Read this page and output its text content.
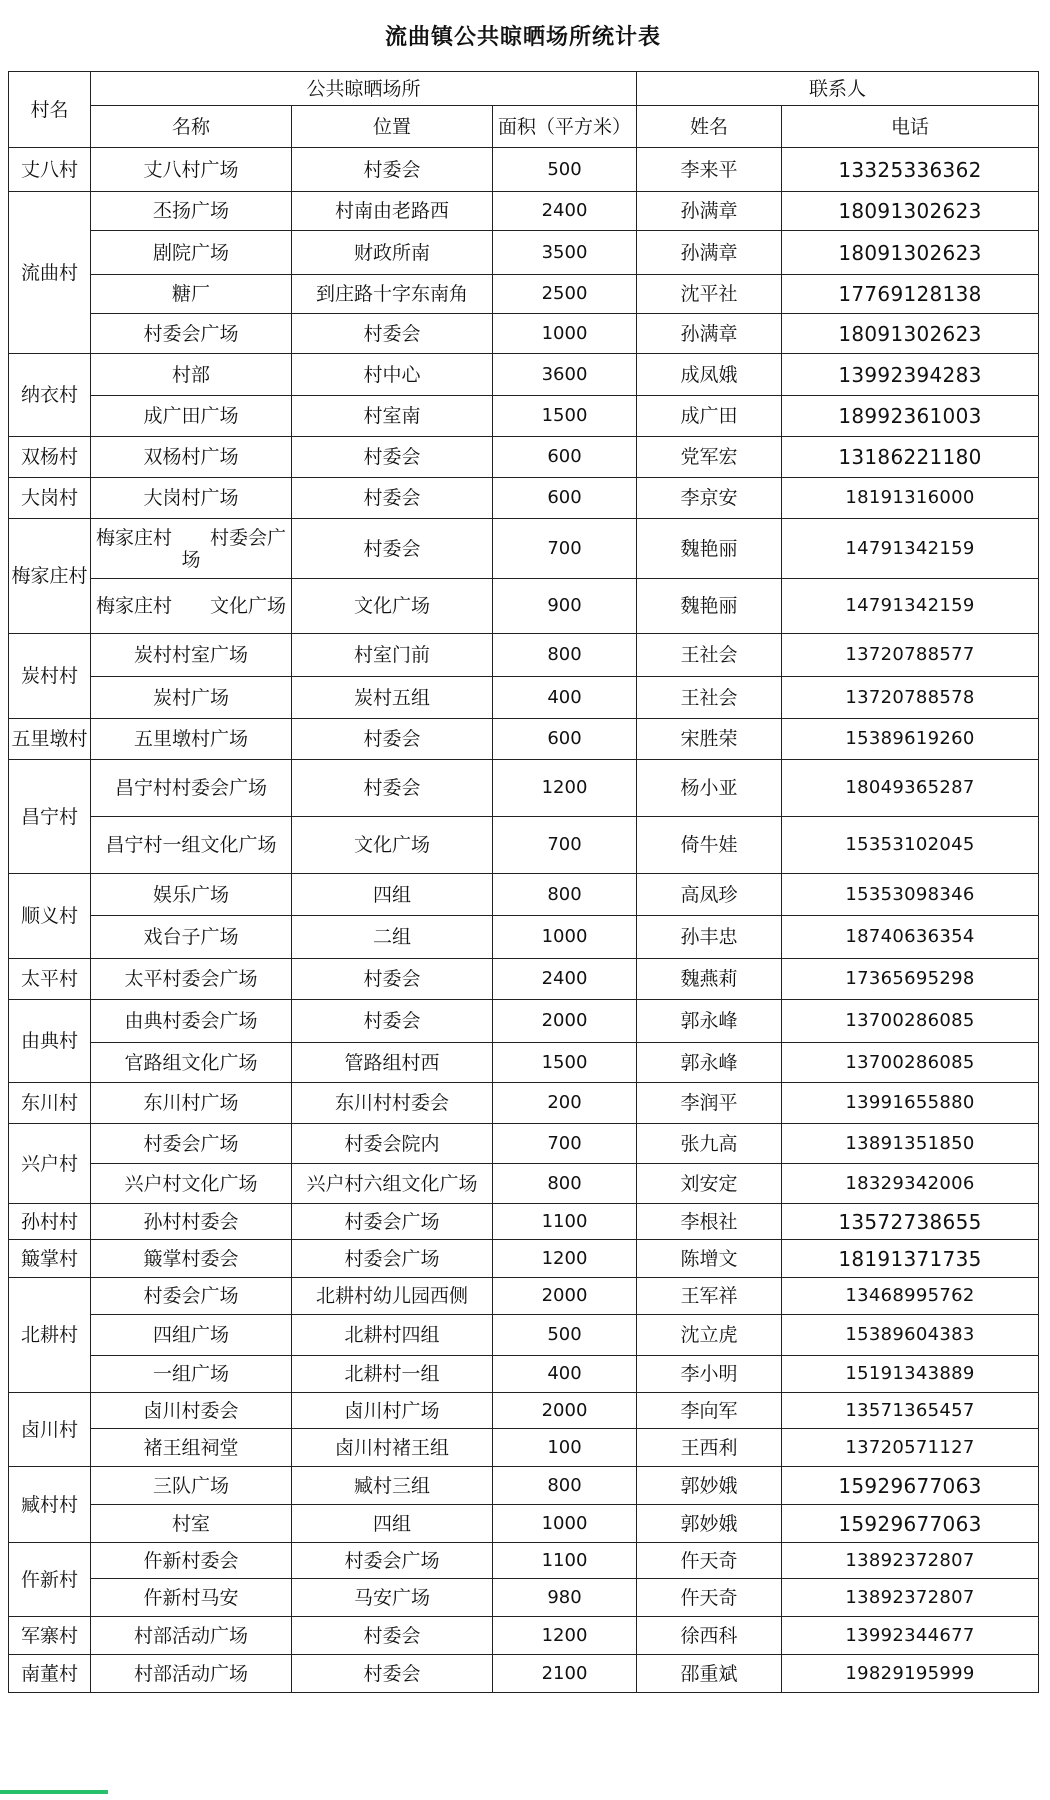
流曲镇公共晾晒场所统计表
村名	公共晾晒场所			联系人	
	名称	位置	面积（平方米）	姓名	电话
丈八村	丈八村广场	村委会	500	李来平	13325336362
流曲村	丕扬广场	村南由老路西	2400	孙满章	18091302623
	剧院广场	财政所南	3500	孙满章	18091302623
	糖厂	到庄路十字东南角	2500	沈平社	17769128138
	村委会广场	村委会	1000	孙满章	18091302623
纳衣村	村部	村中心	3600	成凤娥	13992394283
	成广田广场	村室南	1500	成广田	18992361003
双杨村	双杨村广场	村委会	600	党军宏	13186221180
大岗村	大岗村广场	村委会	600	李京安	18191316000
梅家庄村	梅家庄村　　村委会广场	村委会	700	魏艳丽	14791342159
	梅家庄村　　文化广场	文化广场	900	魏艳丽	14791342159
炭村村	炭村村室广场	村室门前	800	王社会	13720788577
	炭村广场	炭村五组	400	王社会	13720788578
五里墩村	五里墩村广场	村委会	600	宋胜荣	15389619260
昌宁村	昌宁村村委会广场	村委会	1200	杨小亚	18049365287
	昌宁村一组文化广场	文化广场	700	倚牛娃	15353102045
顺义村	娱乐广场	四组	800	高凤珍	15353098346
	戏台子广场	二组	1000	孙丰忠	18740636354
太平村	太平村委会广场	村委会	2400	魏燕莉	17365695298
由典村	由典村委会广场	村委会	2000	郭永峰	13700286085
	官路组文化广场	管路组村西	1500	郭永峰	13700286085
东川村	东川村广场	东川村村委会	200	李润平	13991655880
兴户村	村委会广场	村委会院内	700	张九高	13891351850
	兴户村文化广场	兴户村六组文化广场	800	刘安定	18329342006
孙村村	孙村村委会	村委会广场	1100	李根社	13572738655
簸掌村	簸掌村委会	村委会广场	1200	陈增文	18191371735
北耕村	村委会广场	北耕村幼儿园西侧	2000	王军祥	13468995762
	四组广场	北耕村四组	500	沈立虎	15389604383
	一组广场	北耕村一组	400	李小明	15191343889
卤川村	卤川村委会	卤川村广场	2000	李向军	13571365457
	褚王组祠堂	卤川村褚王组	100	王西利	13720571127
臧村村	三队广场	臧村三组	800	郭妙娥	15929677063
	村室	四组	1000	郭妙娥	15929677063
仵新村	仵新村委会	村委会广场	1100	仵天奇	13892372807
	仵新村马安	马安广场	980	仵天奇	13892372807
军寨村	村部活动广场	村委会	1200	徐西科	13992344677
南董村	村部活动广场	村委会	2100	邵重斌	19829195999
